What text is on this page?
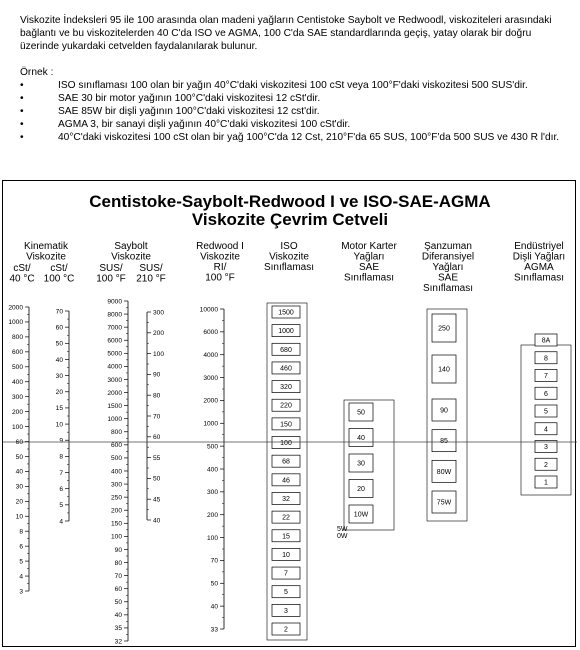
Viskozite İndeksleri 95 ile 100 arasında olan madeni yağların Centistoke Saybolt ve Redwoodl, viskoziteleri arasındaki bağlantı ve bu viskozitelerden 40 C'da ISO ve AGMA, 100 C'da SAE standardlarında geçiş, yatay olarak bir doğru üzerinde yukardaki cetvelden faydalanılarak bulunur.

Örnek :

• ISO sınıflaması 100 olan bir yağın 40°C'daki viskozitesi 100 cSt veya 100°F'daki viskozitesi 500 SUS'dir.
• SAE 30 bir motor yağının 100°C'daki viskozitesi 12 cSt'dir.
• SAE 85W bir dişli yağının 100°C'daki viskozitesi 12 cst'dir.
• AGMA 3, bir sanayi dişli yağının 40°C'daki viskozitesi 100 cSt'dir.
• 40°C'daki viskozitesi 100 cSt olan bir yağ 100°C'da 12 Cst, 210°F'da 65 SUS, 100°F'da 500 SUS ve 430 R l'dır.
Centistoke-Saybolt-Redwood I ve ISO-SAE-AGMA
Viskozite Çevrim Cetveli
Kinematik
Viskozite
cSt/
40 °C
cSt/
100 °C
Saybolt
Viskozite
SUS/
100 °F
SUS/
210 °F
Redwood I
Viskozite
RI/
100 °F
ISO
Viskozite
Sınıflaması
Motor Karter
Yağları
SAE
Sınıflaması
Şanzuman
Diferansiyel
Yağları
SAE
Sınıflaması
Endüstriyel
Dişli Yağları
AGMA
Sınıflaması
2000
1000
800
600
500
400
300
200
100
60
50
40
30
20
10
8
6
5
4
3
70
60
50
40
30
20
15
10
9
8
7
6
5
4
9000
8000
7000
6000
5000
4000
3000
2000
1500
1000
800
600
500
400
300
250
200
150
100
90
80
70
60
50
40
35
32
300
200
100
90
80
70
60
55
50
45
40
10000
6000
4000
3000
2000
1000
500
400
300
200
100
70
50
40
33
1500
1000
680
460
320
220
150
100
68
46
32
22
15
10
7
5
3
2
50
40
30
20
10W
5W
0W
250
140
90
85
80W
75W
8A
8
7
6
5
4
3
2
1
